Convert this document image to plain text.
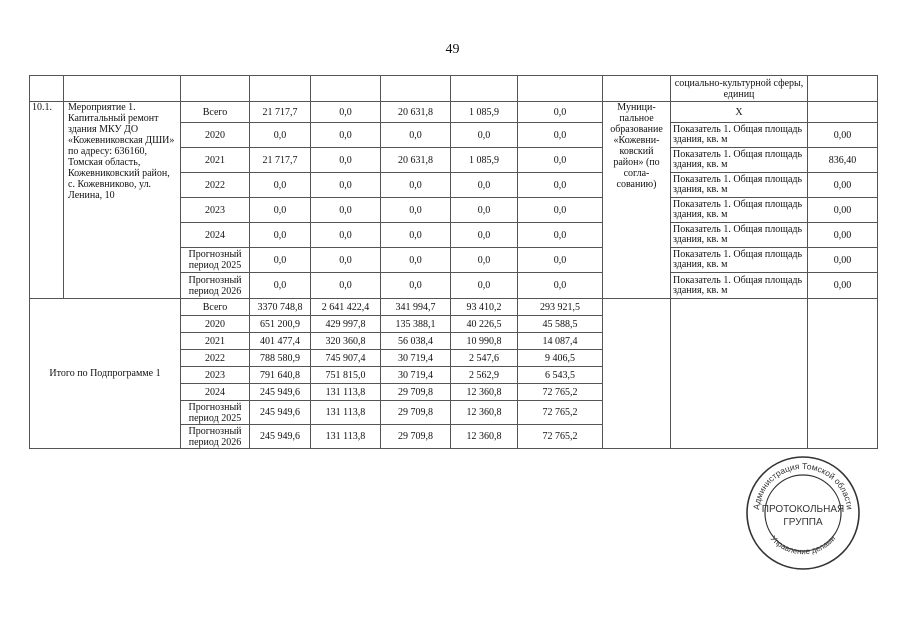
49
									социально-культурной сферы, единиц	
10.1.	Мероприятие 1. Капитальный ремонт здания МКУ ДО «Кожевниковская ДШИ» по адресу: 636160, Томская область, Кожевниковский район, с. Кожевниково, ул. Ленина, 10	Всего	21 717,7	0,0	20 631,8	1 085,9	0,0	Муници-пальное образование «Кожевни-ковский район» (по согла-сованию)	Х	
		2020	0,0	0,0	0,0	0,0	0,0		Показатель 1. Общая площадь здания, кв. м	0,00
		2021	21 717,7	0,0	20 631,8	1 085,9	0,0		Показатель 1. Общая площадь здания, кв. м	836,40
		2022	0,0	0,0	0,0	0,0	0,0		Показатель 1. Общая площадь здания, кв. м	0,00
		2023	0,0	0,0	0,0	0,0	0,0		Показатель 1. Общая площадь здания, кв. м	0,00
		2024	0,0	0,0	0,0	0,0	0,0		Показатель 1. Общая площадь здания, кв. м	0,00
		Прогнозный период 2025	0,0	0,0	0,0	0,0	0,0		Показатель 1. Общая площадь здания, кв. м	0,00
		Прогнозный период 2026	0,0	0,0	0,0	0,0	0,0		Показатель 1. Общая площадь здания, кв. м	0,00
Итого по Подпрограмме 1		Всего	3370 748,8	2 641 422,4	341 994,7	93 410,2	293 921,5			
		2020	651 200,9	429 997,8	135 388,1	40 226,5	45 588,5			
		2021	401 477,4	320 360,8	56 038,4	10 990,8	14 087,4			
		2022	788 580,9	745 907,4	30 719,4	2 547,6	9 406,5			
		2023	791 640,8	751 815,0	30 719,4	2 562,9	6 543,5			
		2024	245 949,6	131 113,8	29 709,8	12 360,8	72 765,2			
		Прогнозный период 2025	245 949,6	131 113,8	29 709,8	12 360,8	72 765,2			
		Прогнозный период 2026	245 949,6	131 113,8	29 709,8	12 360,8	72 765,2			
Администрация Томской области
Управление делами
ПРОТОКОЛЬНАЯ
ГРУППА
